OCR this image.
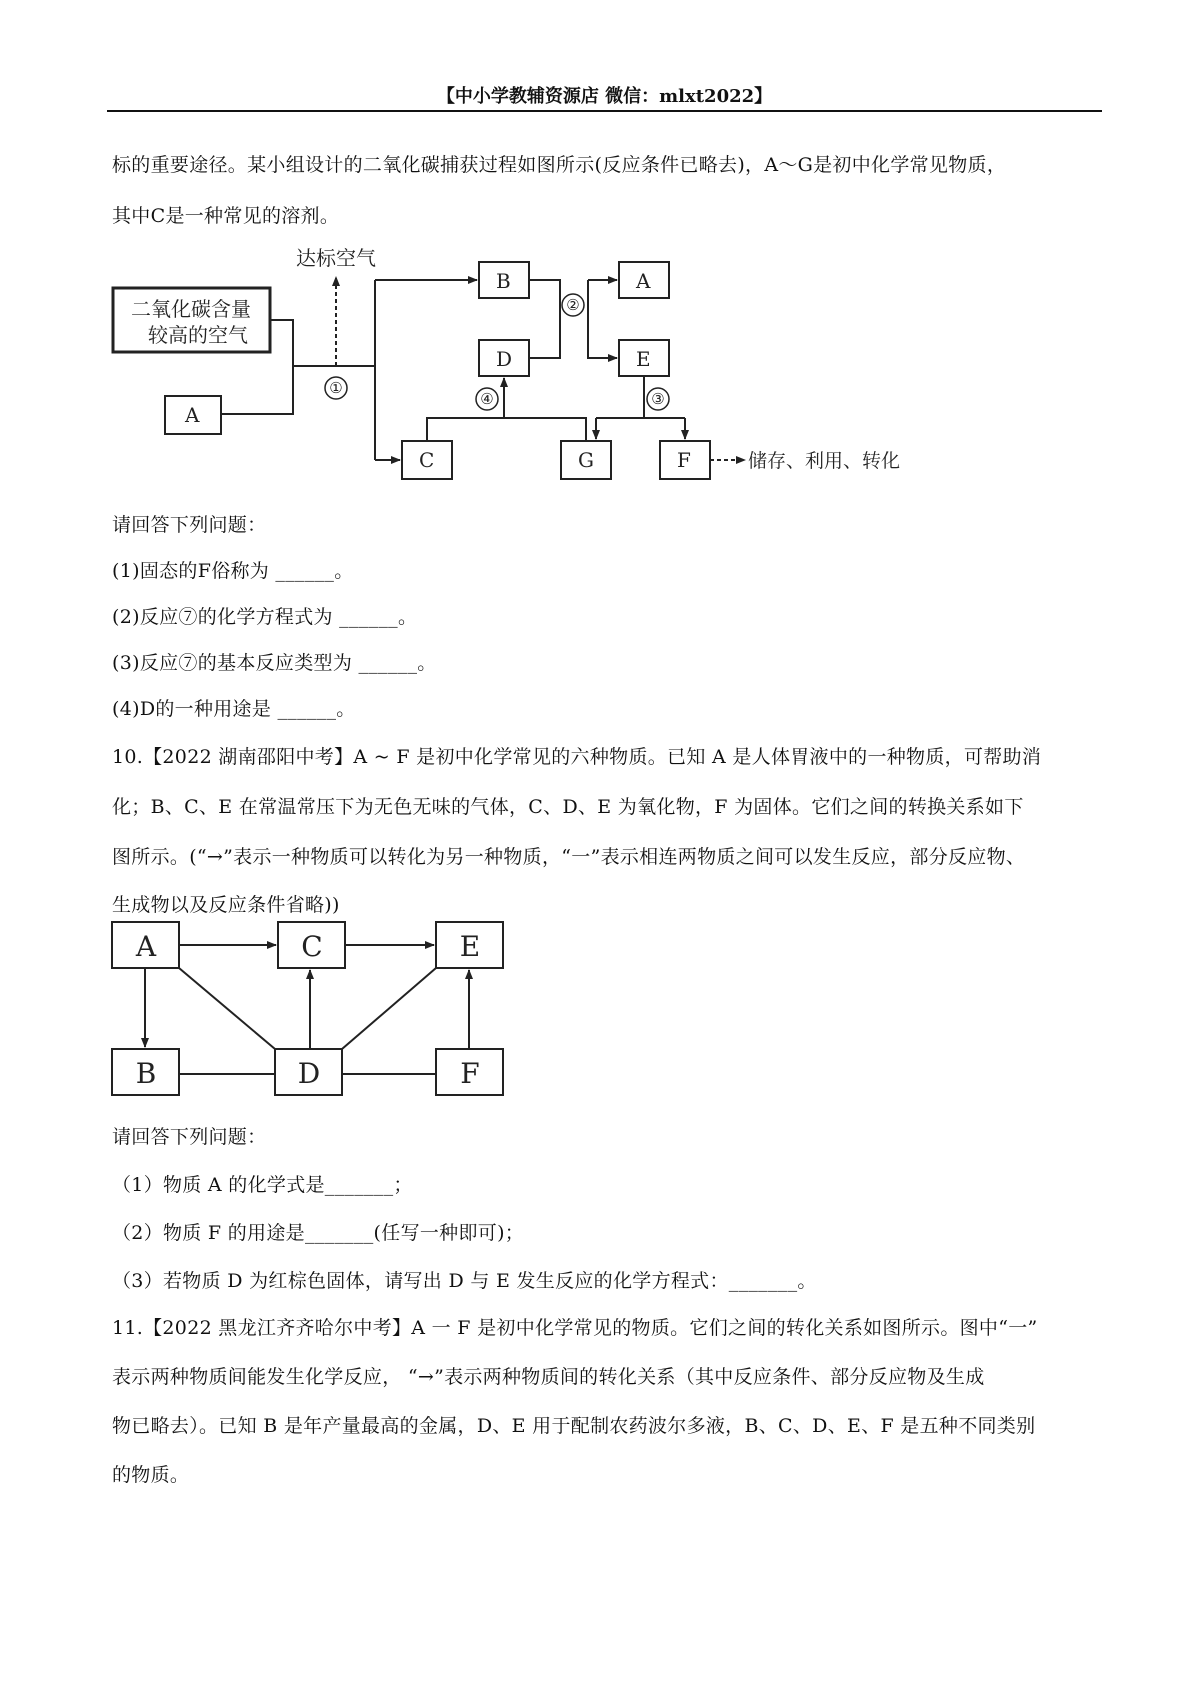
【中小学教辅资源店 微信：mlxt2022】
标的重要途径。某小组设计的二氧化碳捕获过程如图所示(反应条件已略去)，A～G是初中化学常见物质，
其中C是一种常见的溶剂。
二氧化碳含量
较高的空气
达标空气
储存、利用、转化
A
B	A
D	E
C	G	F
①
②
③
④
A	C	E
B	D	F
请回答下列问题：
(1)固态的F俗称为 ______。
(2)反应⑦的化学方程式为 ______。
(3)反应⑦的基本反应类型为 ______。
(4)D的一种用途是 ______。
10.【2022 湖南邵阳中考】A ~ F 是初中化学常见的六种物质。已知 A 是人体胃液中的一种物质，可帮助消
化；B、C、E 在常温常压下为无色无味的气体，C、D、E 为氧化物，F 为固体。它们之间的转换关系如下
图所示。(“→”表示一种物质可以转化为另一种物质，“一”表示相连两物质之间可以发生反应，部分反应物、
生成物以及反应条件省略))
请回答下列问题：
（1）物质 A 的化学式是_______；
（2）物质 F 的用途是_______(任写一种即可)；
（3）若物质 D 为红棕色固体，请写出 D 与 E 发生反应的化学方程式：_______。
11.【2022 黑龙江齐齐哈尔中考】A 一 F 是初中化学常见的物质。它们之间的转化关系如图所示。图中“一”
表示两种物质间能发生化学反应， “→”表示两种物质间的转化关系（其中反应条件、部分反应物及生成
物已略去）。已知 B 是年产量最高的金属，D、E 用于配制农药波尔多液，B、C、D、E、F 是五种不同类别
的物质。
